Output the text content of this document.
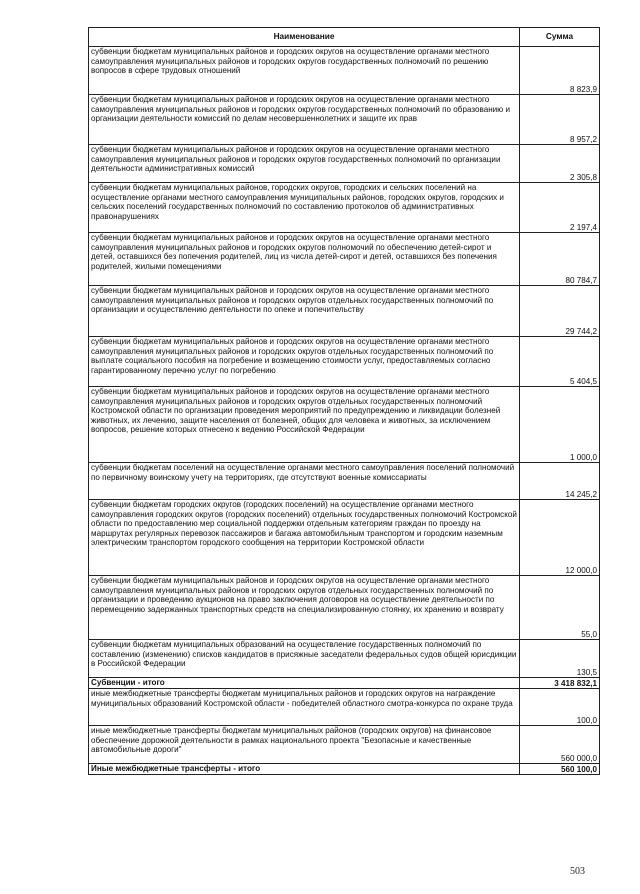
Наименование	Сумма
субвенции бюджетам муниципальных районов и городских округов на осуществление органами местного самоуправления муниципальных районов и городских округов государственных полномочий по решению вопросов в сфере трудовых отношений	8 823,9
субвенции бюджетам муниципальных районов и городских округов на осуществление органами местного самоуправления муниципальных районов и городских округов государственных полномочий по образованию и организации деятельности комиссий по делам несовершеннолетних и защите их прав	8 957,2
субвенции бюджетам муниципальных районов и городских округов на осуществление органами местного самоуправления муниципальных районов и городских округов государственных полномочий по организации деятельности административных комиссий	2 305,8
субвенции бюджетам муниципальных районов, городских округов, городских и сельских поселений на осуществление органами местного самоуправления муниципальных районов, городских округов, городских и сельских поселений государственных полномочий по составлению протоколов об административных правонарушениях	2 197,4
субвенции бюджетам муниципальных районов и городских округов на осуществление органами местного самоуправления муниципальных районов и городских округов полномочий по обеспечению детей-сирот и детей, оставшихся без попечения родителей, лиц из числа детей-сирот и детей, оставшихся без попечения родителей, жилыми помещениями	80 784,7
субвенции бюджетам муниципальных районов и городских округов на осуществление органами местного самоуправления муниципальных районов и городских округов отдельных государственных полномочий по организации и осуществлению деятельности по опеке и попечительству	29 744,2
субвенции бюджетам муниципальных районов и городских округов на осуществление органами местного самоуправления муниципальных районов и городских округов отдельных государственных полномочий по выплате социального пособия на погребение и возмещению стоимости услуг, предоставляемых согласно гарантированному перечню услуг по погребению	5 404,5
субвенции бюджетам муниципальных районов и городских округов на осуществление органами местного самоуправления муниципальных районов и городских округов отдельных государственных полномочий Костромской области по организации проведения мероприятий по предупреждению и ликвидации болезней животных, их лечению, защите населения от болезней, общих для человека и животных, за исключением вопросов, решение которых отнесено к ведению Российской Федерации	1 000,0
субвенции бюджетам поселений на осуществление органами местного самоуправления поселений полномочий по первичному воинскому учету на территориях, где отсутствуют военные комиссариаты	14 245,2
субвенции бюджетам городских округов (городских поселений) на осуществление органами местного самоуправления городских округов (городских поселений) отдельных государственных полномочий Костромской области по предоставлению мер социальной поддержки отдельным категориям граждан по проезду на маршрутах регулярных перевозок пассажиров и багажа автомобильным транспортом и городским наземным электрическим транспортом городского сообщения на территории Костромской области	12 000,0
субвенции бюджетам муниципальных районов и городских округов на осуществление органами местного самоуправления муниципальных районов и городских округов отдельных государственных полномочий по организации и проведению аукционов на право заключения договоров на осуществление деятельности по перемещению задержанных транспортных средств на специализированную стоянку, их хранению и возврату	55,0
субвенции бюджетам муниципальных образований на осуществление государственных полномочий по составлению (изменению) списков кандидатов в присяжные заседатели федеральных судов общей юрисдикции в Российской Федерации	130,5
Субвенции - итого	3 418 832,1
иные межбюджетные трансферты бюджетам муниципальных районов и городских округов на награждение муниципальных образований Костромской области - победителей областного смотра-конкурса по охране труда	100,0
иные межбюджетные трансферты бюджетам муниципальных районов (городских округов) на финансовое обеспечение дорожной деятельности в рамках национального проекта "Безопасные и качественные автомобильные дороги"	560 000,0
Иные межбюджетные трансферты - итого	560 100,0
503
